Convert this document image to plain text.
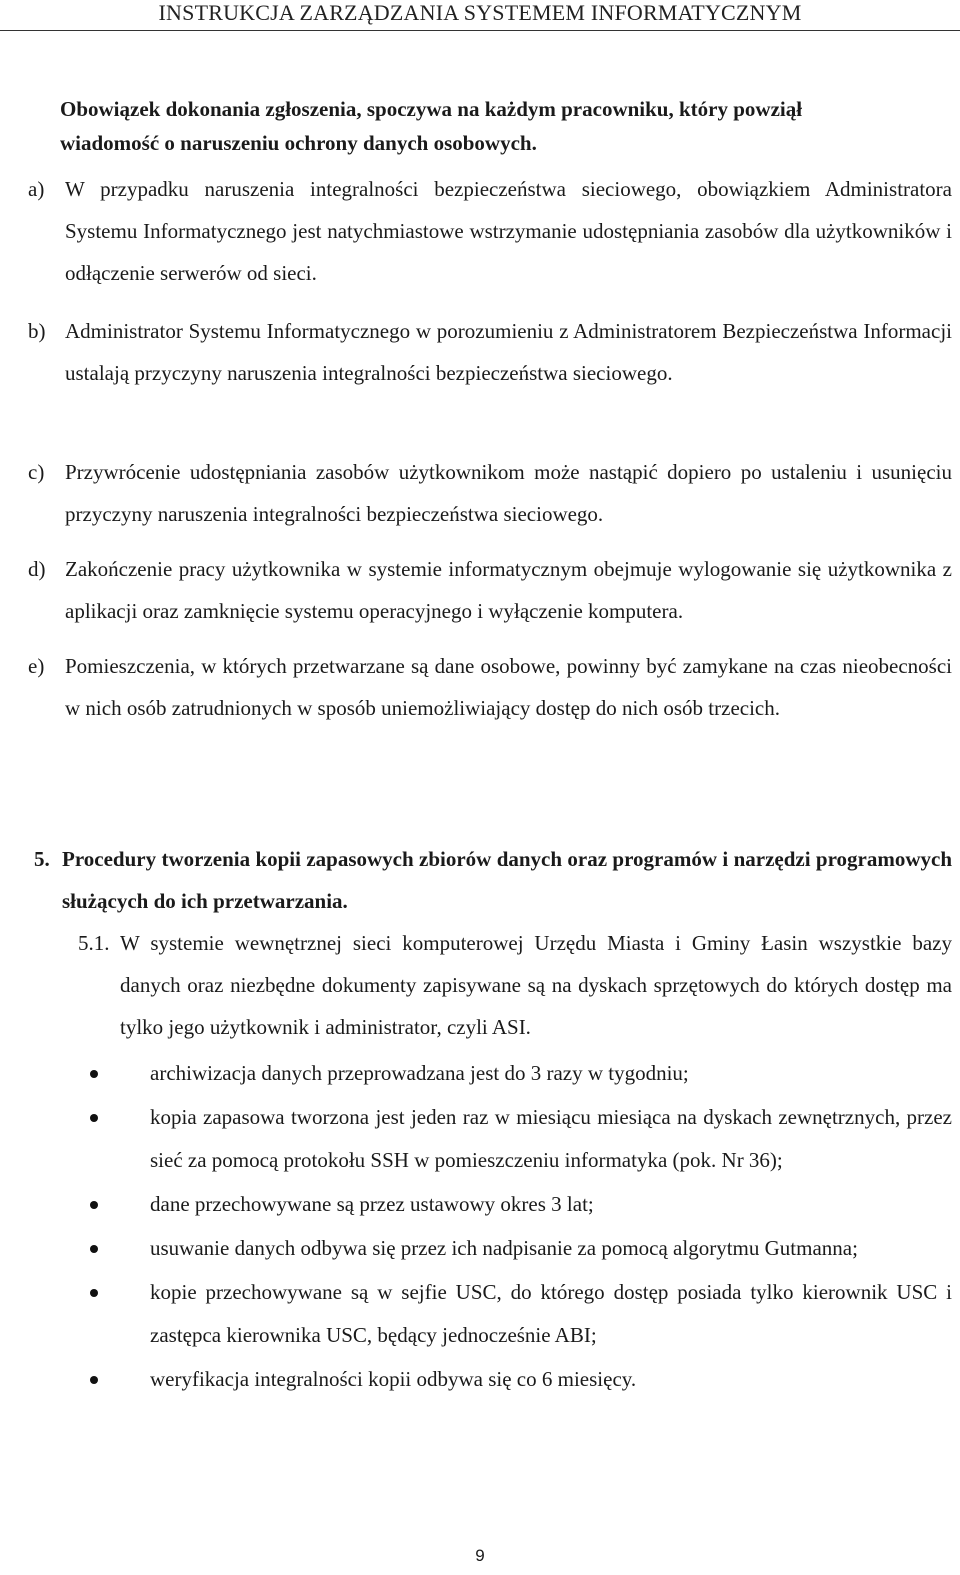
INSTRUKCJA ZARZĄDZANIA SYSTEMEM INFORMATYCZNYM

Obowiązek dokonania zgłoszenia, spoczywa na każdym pracowniku, który powziął

wiadomość o naruszeniu ochrony danych osobowych.

a) W przypadku naruszenia integralności bezpieczeństwa sieciowego, obowiązkiem Administratora Systemu Informatycznego jest natychmiastowe wstrzymanie udostępniania zasobów dla użytkowników i odłączenie serwerów od sieci.
b) Administrator Systemu Informatycznego w porozumieniu z Administratorem Bezpieczeństwa Informacji ustalają przyczyny naruszenia integralności bezpieczeństwa sieciowego.
c) Przywrócenie udostępniania zasobów użytkownikom może nastąpić dopiero po ustaleniu i usunięciu przyczyny naruszenia integralności bezpieczeństwa sieciowego.
d) Zakończenie pracy użytkownika w systemie informatycznym obejmuje wylogowanie się użytkownika z aplikacji oraz zamknięcie systemu operacyjnego i wyłączenie komputera.
e) Pomieszczenia, w których przetwarzane są dane osobowe, powinny być zamykane na czas nieobecności w nich osób zatrudnionych w sposób uniemożliwiający dostęp do nich osób trzecich.
5. Procedury tworzenia kopii zapasowych zbiorów danych oraz programów i narzędzi programowych służących do ich przetwarzania.
5.1. W systemie wewnętrznej sieci komputerowej Urzędu Miasta i Gminy Łasin wszystkie bazy danych oraz niezbędne dokumenty zapisywane są na dyskach sprzętowych do których dostęp ma tylko jego użytkownik i administrator, czyli ASI.
archiwizacja danych przeprowadzana jest do 3 razy w tygodniu;
kopia zapasowa tworzona jest jeden raz w miesiącu miesiąca na dyskach zewnętrznych, przez sieć za pomocą protokołu SSH w pomieszczeniu informatyka (pok. Nr 36);
dane przechowywane są przez ustawowy okres 3 lat;
usuwanie danych odbywa się przez ich nadpisanie za pomocą algorytmu Gutmanna;
kopie przechowywane są w sejfie USC, do którego dostęp posiada tylko kierownik USC i zastępca kierownika USC, będący jednocześnie ABI;
weryfikacja integralności kopii odbywa się co 6 miesięcy.
9
